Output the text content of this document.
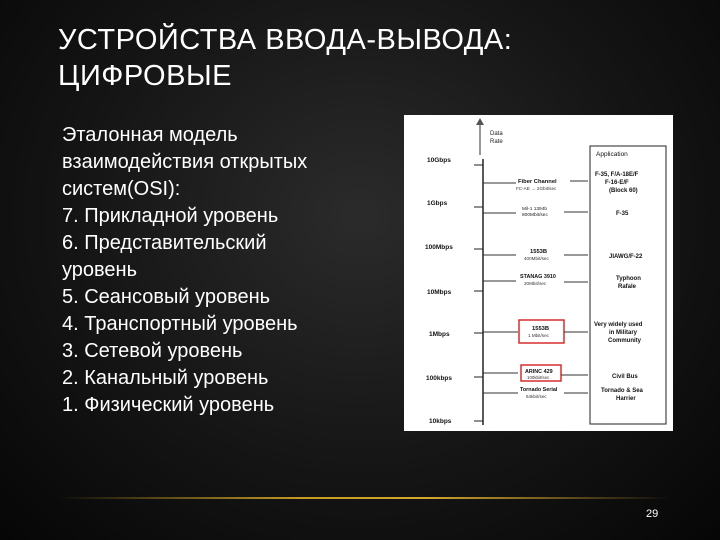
УСТРОЙСТВА ВВОДА-ВЫВОДА:
ЦИФРОВЫЕ
Эталонная модель
взаимодействия открытых
систем(OSI):
7. Прикладной уровень
6. Представительский
уровень
5. Сеансовый уровень
4. Транспортный уровень
3. Сетевой уровень
2. Канальный уровень
1. Физический уровень
Data
Rate
Application
10Gbps
1Gbps
100Mbps
10Mbps
1Mbps
100kbps
10kbps
Fiber Channel
FC-AE → 2Gbit/sec
F-35, F/A-18E/F
F-16-E/F
(Block 60)
Mil-1 1394b
800Mbit/sec	F-35
1553B
400Mbit/sec	JIAWG/F-22
STANAG 3910
20Mbit/sec
Typhoon
Rafale
1553B
1 Mbit/sec
Very widely used
in Military
Community
ARINC 429
100kbit/sec	Civil Bus
Tornado Serial
64kbit/sec
Tornado & Sea
Harrier
29
